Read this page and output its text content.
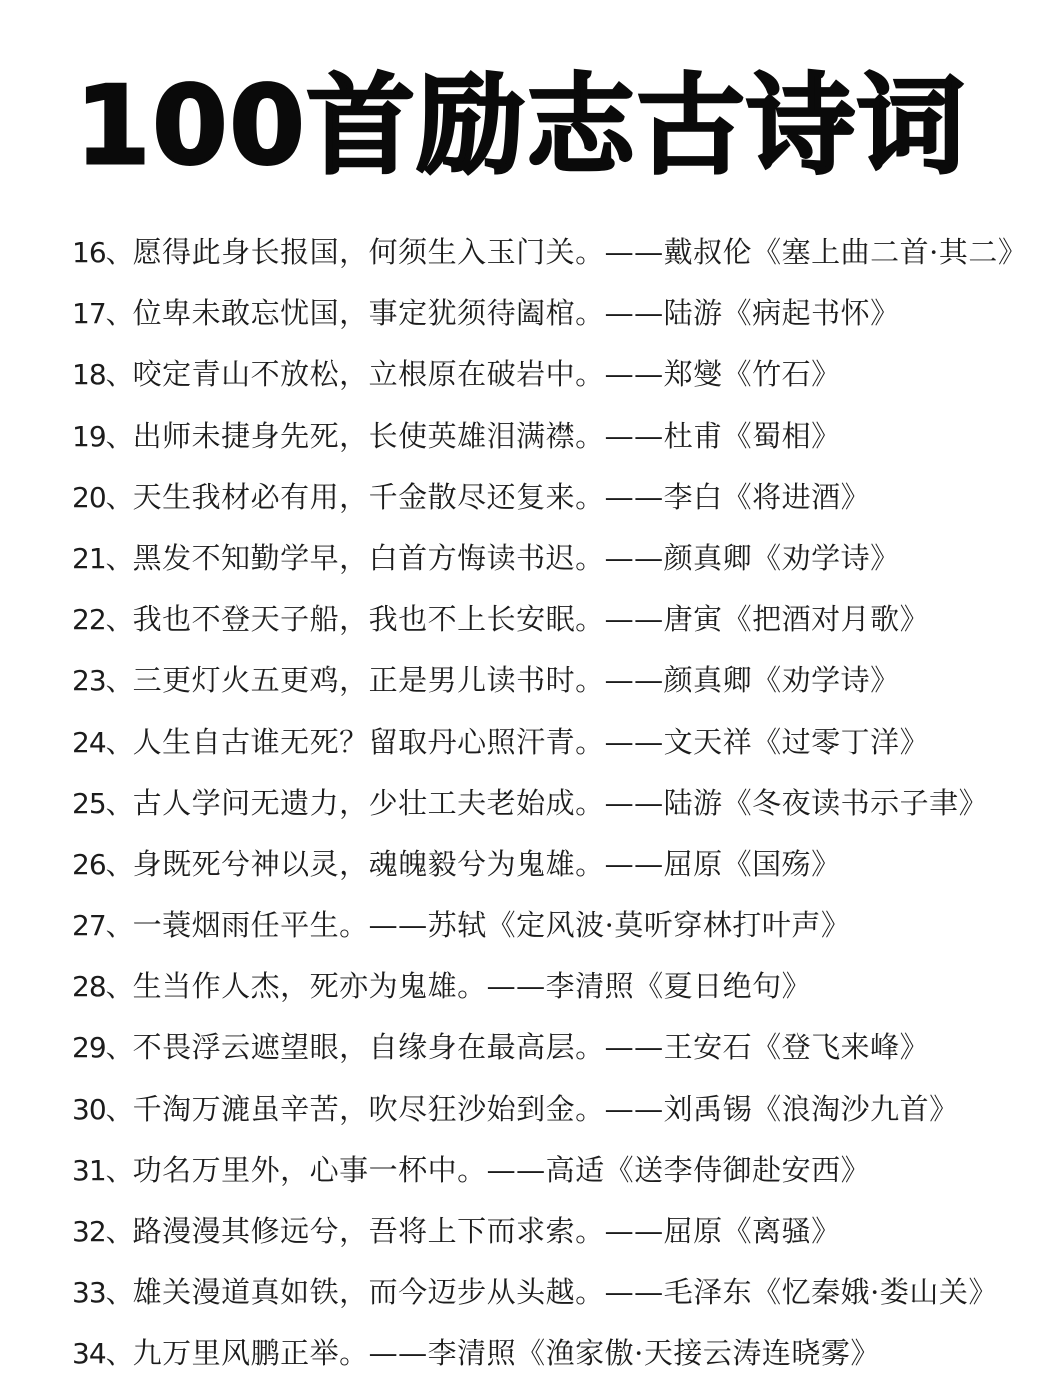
100首励志古诗词
16、愿得此身长报国，何须生入玉门关。——戴叔伦《塞上曲二首·其二》
17、位卑未敢忘忧国，事定犹须待阖棺。——陆游《病起书怀》
18、咬定青山不放松，立根原在破岩中。——郑燮《竹石》
19、出师未捷身先死，长使英雄泪满襟。——杜甫《蜀相》
20、天生我材必有用，千金散尽还复来。——李白《将进酒》
21、黑发不知勤学早，白首方悔读书迟。——颜真卿《劝学诗》
22、我也不登天子船，我也不上长安眠。——唐寅《把酒对月歌》
23、三更灯火五更鸡，正是男儿读书时。——颜真卿《劝学诗》
24、人生自古谁无死？留取丹心照汗青。——文天祥《过零丁洋》
25、古人学问无遗力，少壮工夫老始成。——陆游《冬夜读书示子聿》
26、身既死兮神以灵，魂魄毅兮为鬼雄。——屈原《国殇》
27、一蓑烟雨任平生。——苏轼《定风波·莫听穿林打叶声》
28、生当作人杰，死亦为鬼雄。——李清照《夏日绝句》
29、不畏浮云遮望眼，自缘身在最高层。——王安石《登飞来峰》
30、千淘万漉虽辛苦，吹尽狂沙始到金。——刘禹锡《浪淘沙九首》
31、功名万里外，心事一杯中。——高适《送李侍御赴安西》
32、路漫漫其修远兮，吾将上下而求索。——屈原《离骚》
33、雄关漫道真如铁，而今迈步从头越。——毛泽东《忆秦娥·娄山关》
34、九万里风鹏正举。——李清照《渔家傲·天接云涛连晓雾》
